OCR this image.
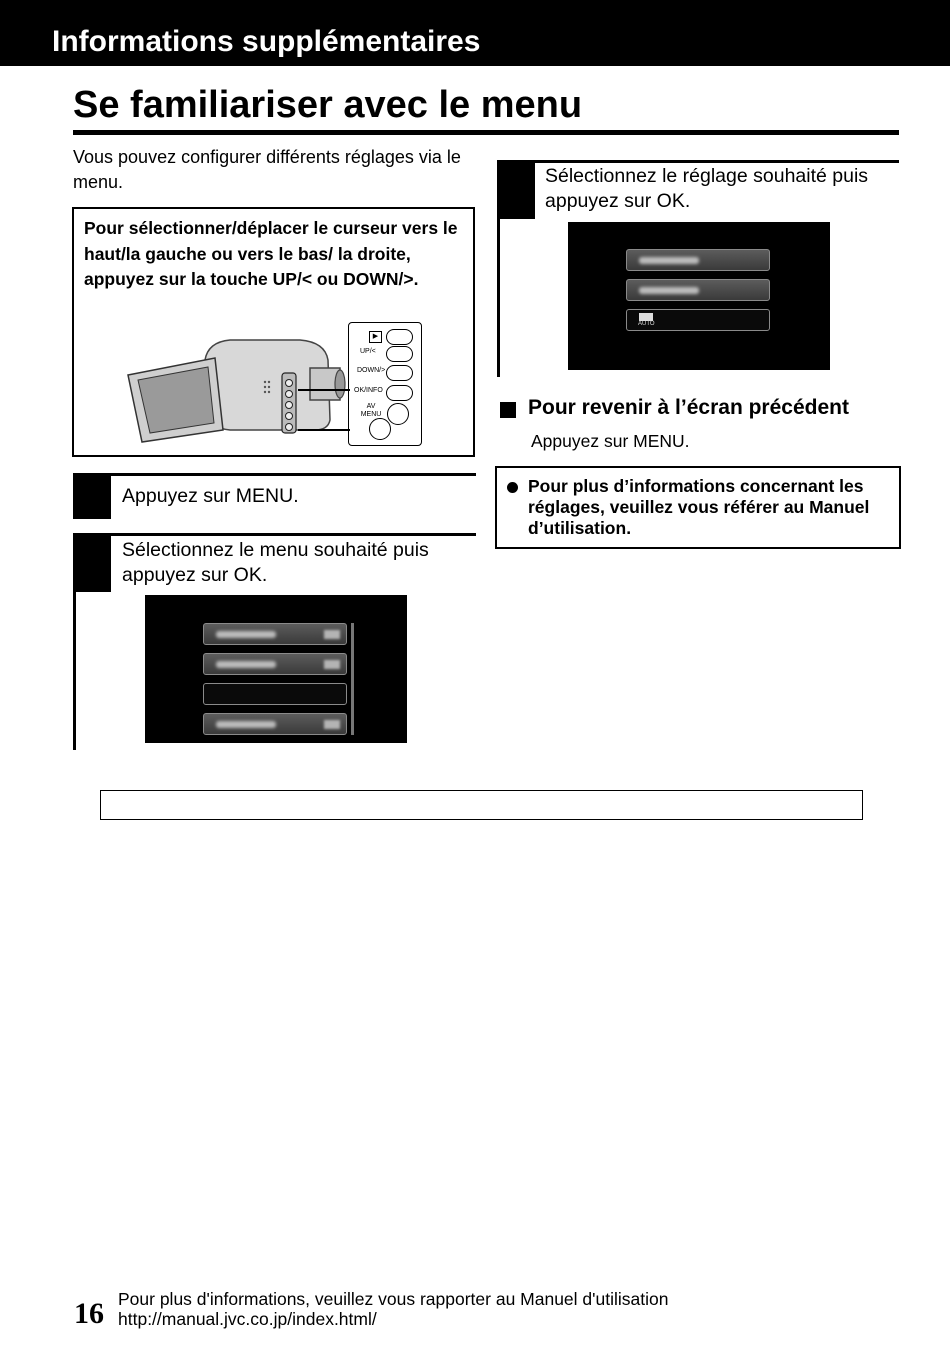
Informations supplémentaires
Se familiariser avec le menu
Vous pouvez configurer différents réglages via le menu.
Pour sélectionner/déplacer le curseur vers le haut/la gauche ou vers le bas/ la droite, appuyez sur la touche UP/< ou DOWN/>.
▶
UP/<
DOWN/>
OK/INFO
AV
MENU
Appuyez sur MENU.
Sélectionnez le menu souhaité puis appuyez sur OK.
Sélectionnez le réglage souhaité puis appuyez sur OK.
AUTO
Pour revenir à l’écran précédent
Appuyez sur MENU.
Pour plus d’informations concernant les réglages, veuillez vous référer au Manuel d’utilisation.
16 Pour plus d'informations, veuillez vous rapporter au Manuel d'utilisation
http://manual.jvc.co.jp/index.html/
